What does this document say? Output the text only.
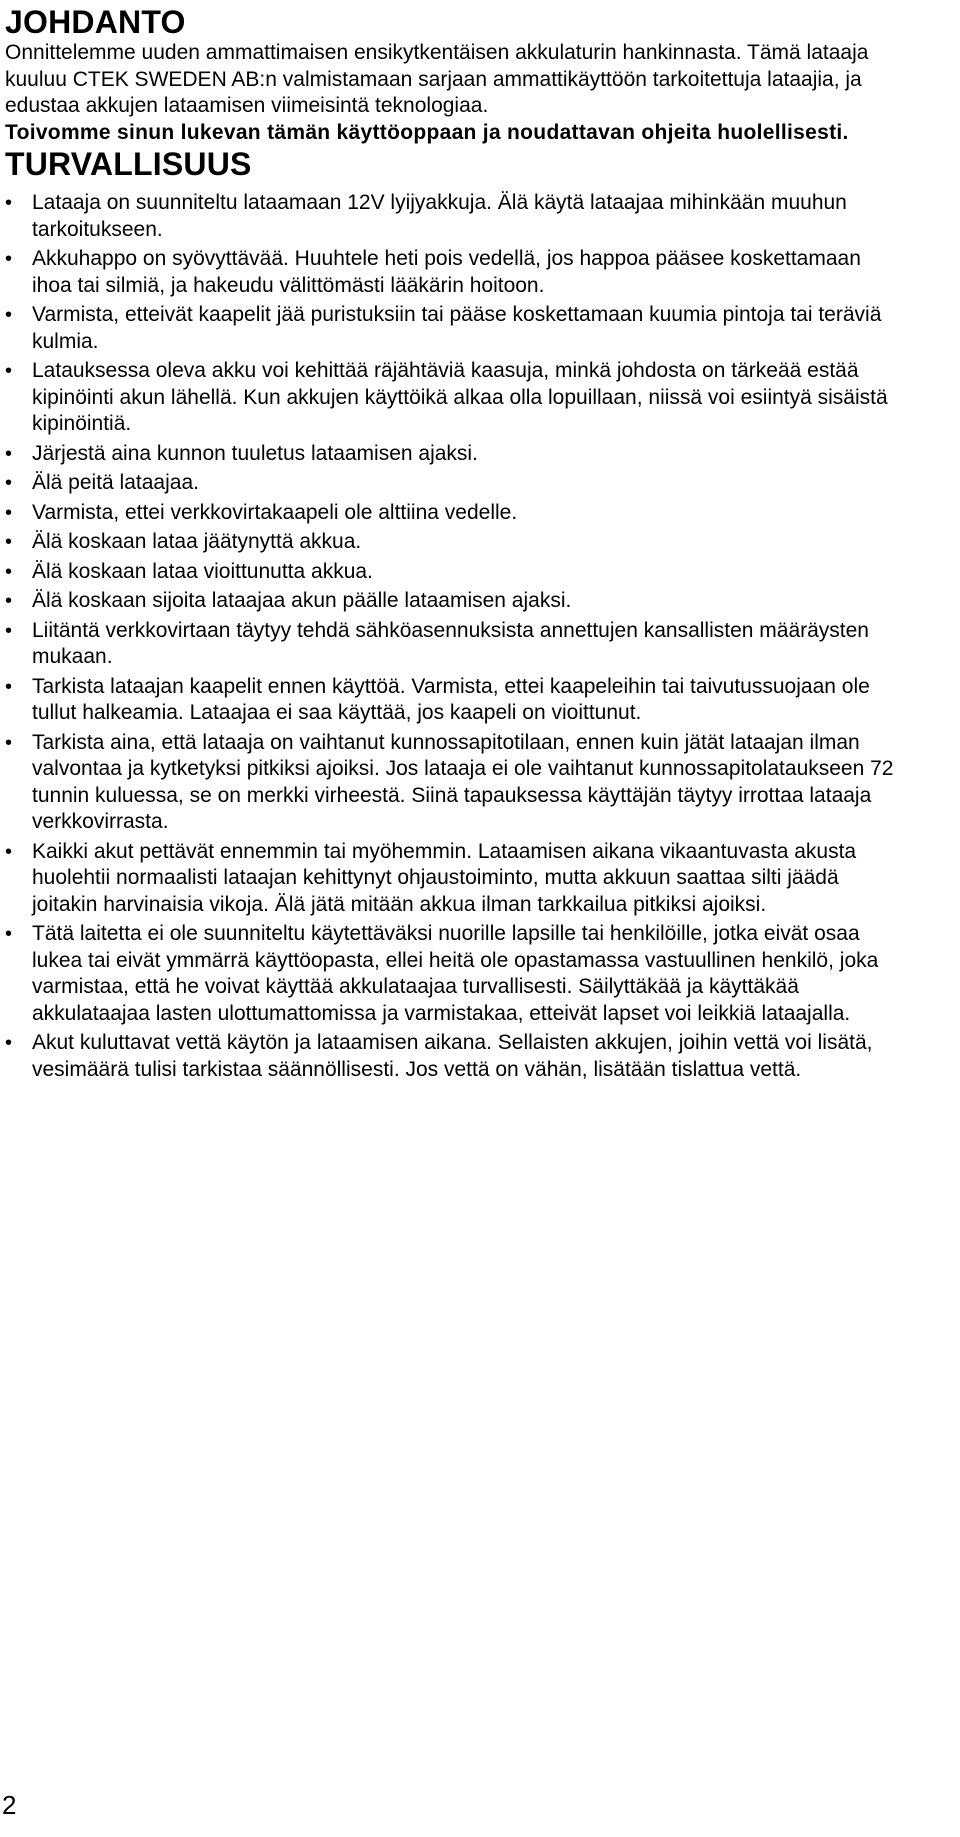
JOHDANTO

Onnittelemme uuden ammattimaisen ensikytkentäisen akkulaturin hankinnasta. Tämä lataaja kuuluu CTEK SWEDEN AB:n valmistamaan sarjaan ammattikäyttöön tarkoitettuja lataajia, ja edustaa akkujen lataamisen viimeisintä teknologiaa.
Toivomme sinun lukevan tämän käyttöoppaan ja noudattavan ohjeita huolellisesti.

TURVALLISUUS
• Lataaja on suunniteltu lataamaan 12V lyijyakkuja. Älä käytä lataajaa mihinkään muuhun tarkoitukseen.
• Akkuhappo on syövyttävää. Huuhtele heti pois vedellä, jos happoa pääsee koskettamaan ihoa tai silmiä, ja hakeudu välittömästi lääkärin hoitoon.
• Varmista, etteivät kaapelit jää puristuksiin tai pääse koskettamaan kuumia pintoja tai teräviä kulmia.
• Latauksessa oleva akku voi kehittää räjähtäviä kaasuja, minkä johdosta on tärkeää estää kipinöinti akun lähellä. Kun akkujen käyttöikä alkaa olla lopuillaan, niissä voi esiintyä sisäistä kipinöintiä.
• Järjestä aina kunnon tuuletus lataamisen ajaksi.
• Älä peitä lataajaa.
• Varmista, ettei verkkovirtakaapeli ole alttiina vedelle.
• Älä koskaan lataa jäätynyttä akkua.
• Älä koskaan lataa vioittunutta akkua.
• Älä koskaan sijoita lataajaa akun päälle lataamisen ajaksi.
• Liitäntä verkkovirtaan täytyy tehdä sähköasennuksista annettujen kansallisten määräysten mukaan.
• Tarkista lataajan kaapelit ennen käyttöä. Varmista, ettei kaapeleihin tai taivutussuojaan ole tullut halkeamia. Lataajaa ei saa käyttää, jos kaapeli on vioittunut.
• Tarkista aina, että lataaja on vaihtanut kunnossapitotilaan, ennen kuin jätät lataajan ilman valvontaa ja kytketyksi pitkiksi ajoiksi. Jos lataaja ei ole vaihtanut kunnossapitolataukseen 72 tunnin kuluessa, se on merkki virheestä. Siinä tapauksessa käyttäjän täytyy irrottaa lataaja verkkovirrasta.
• Kaikki akut pettävät ennemmin tai myöhemmin. Lataamisen aikana vikaantuvasta akusta huolehtii normaalisti lataajan kehittynyt ohjaustoiminto, mutta akkuun saattaa silti jäädä joitakin harvinaisia vikoja. Älä jätä mitään akkua ilman tarkkailua pitkiksi ajoiksi.
• Tätä laitetta ei ole suunniteltu käytettäväksi nuorille lapsille tai henkilöille, jotka eivät osaa lukea tai eivät ymmärrä käyttöopasta, ellei heitä ole opastamassa vastuullinen henkilö, joka varmistaa, että he voivat käyttää akkulataajaa turvallisesti. Säilyttäkää ja käyttäkää akkulataajaa lasten ulottumattomissa ja varmistakaa, etteivät lapset voi leikkiä lataajalla.
• Akut kuluttavat vettä käytön ja lataamisen aikana. Sellaisten akkujen, joihin vettä voi lisätä, vesimäärä tulisi tarkistaa säännöllisesti. Jos vettä on vähän, lisätään tislattua vettä.
2
